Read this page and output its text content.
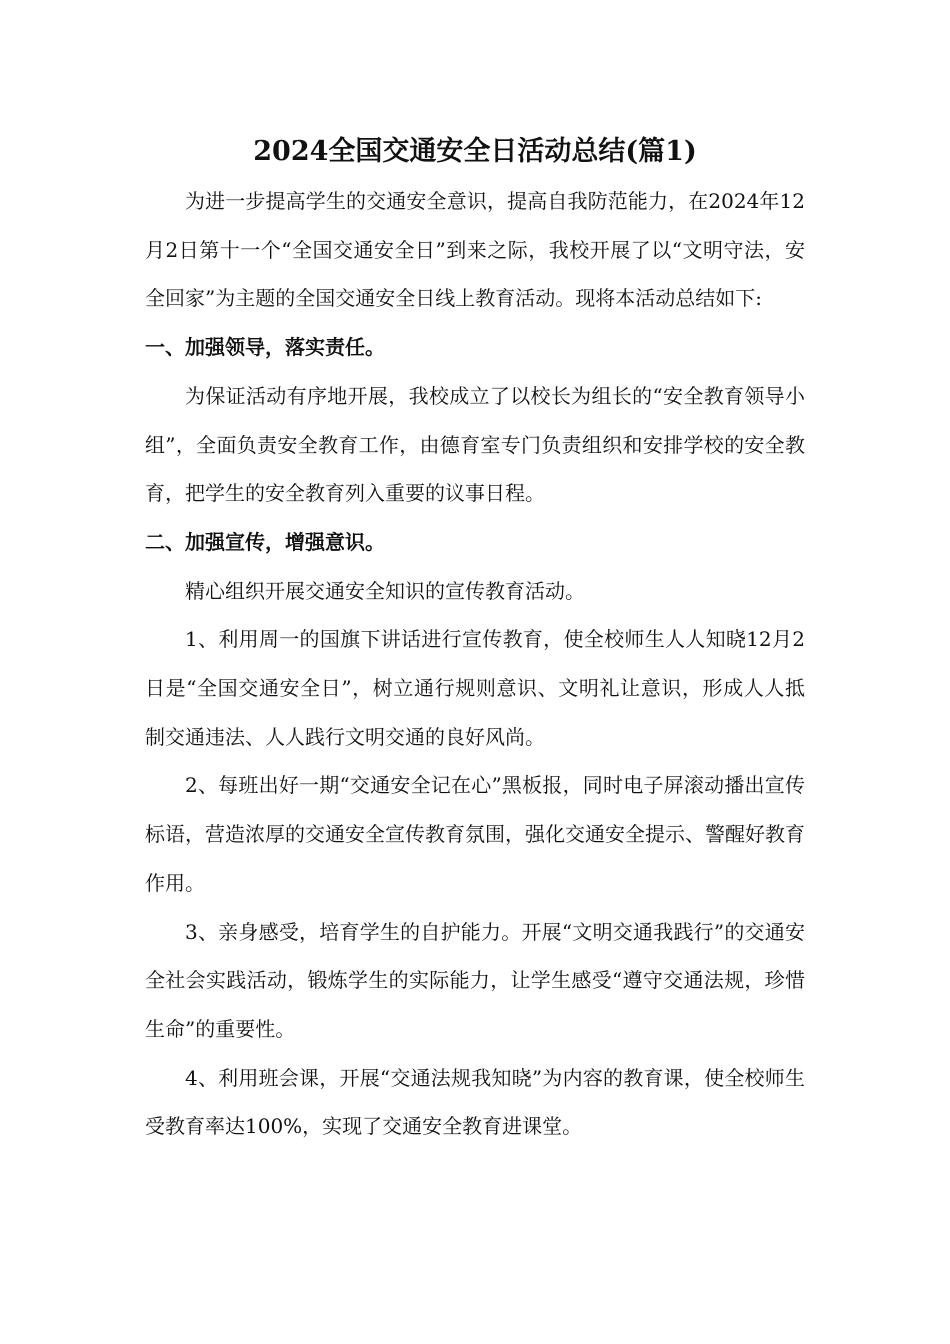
2024全国交通安全日活动总结(篇1)

为进一步提高学生的交通安全意识，提高自我防范能力，在2024年12月2日第十一个“全国交通安全日”到来之际，我校开展了以“文明守法，安全回家”为主题的全国交通安全日线上教育活动。现将本活动总结如下:

一、加强领导，落实责任。

为保证活动有序地开展，我校成立了以校长为组长的“安全教育领导小组”，全面负责安全教育工作，由德育室专门负责组织和安排学校的安全教育，把学生的安全教育列入重要的议事日程。

二、加强宣传，增强意识。

精心组织开展交通安全知识的宣传教育活动。

1、利用周一的国旗下讲话进行宣传教育，使全校师生人人知晓12月2日是“全国交通安全日”，树立通行规则意识、文明礼让意识，形成人人抵制交通违法、人人践行文明交通的良好风尚。

2、每班出好一期“交通安全记在心”黑板报，同时电子屏滚动播出宣传标语，营造浓厚的交通安全宣传教育氛围，强化交通安全提示、警醒好教育作用。

3、亲身感受，培育学生的自护能力。开展“文明交通我践行”的交通安全社会实践活动，锻炼学生的实际能力，让学生感受“遵守交通法规，珍惜生命”的重要性。

4、利用班会课，开展“交通法规我知晓”为内容的教育课，使全校师生受教育率达100%，实现了交通安全教育进课堂。
